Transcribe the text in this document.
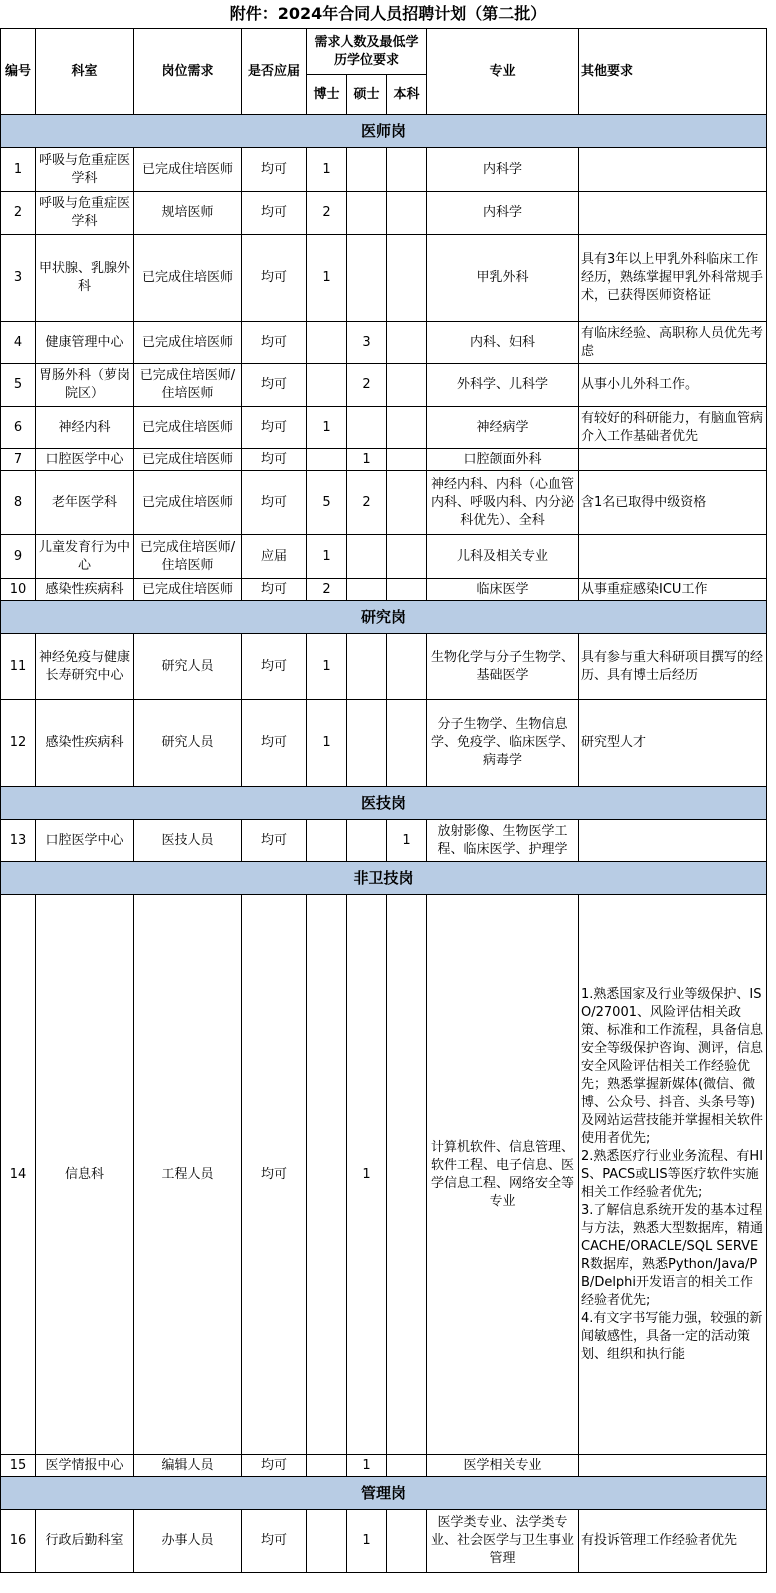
附件：2024年合同人员招聘计划（第二批）
编号	科室	岗位需求	是否应届	需求人数及最低学历学位要求			专业	其他要求
				博士	硕士	本科		
医师岗								
1	呼吸与危重症医学科	已完成住培医师	均可	1			内科学	
2	呼吸与危重症医学科	规培医师	均可	2			内科学	
3	甲状腺、乳腺外科	已完成住培医师	均可	1			甲乳外科	具有3年以上甲乳外科临床工作经历，熟练掌握甲乳外科常规手术，已获得医师资格证
4	健康管理中心	已完成住培医师	均可		3		内科、妇科	有临床经验、高职称人员优先考虑
5	胃肠外科（萝岗院区）	已完成住培医师/住培医师	均可		2		外科学、儿科学	从事小儿外科工作。
6	神经内科	已完成住培医师	均可	1			神经病学	有较好的科研能力，有脑血管病介入工作基础者优先
7	口腔医学中心	已完成住培医师	均可		1		口腔颌面外科	
8	老年医学科	已完成住培医师	均可	5	2		神经内科、内科（心血管内科、呼吸内科、内分泌科优先）、全科	含1名已取得中级资格
9	儿童发育行为中心	已完成住培医师/住培医师	应届	1			儿科及相关专业	
10	感染性疾病科	已完成住培医师	均可	2			临床医学	从事重症感染ICU工作
研究岗								
11	神经免疫与健康长寿研究中心	研究人员	均可	1			生物化学与分子生物学、基础医学	具有参与重大科研项目撰写的经历、具有博士后经历
12	感染性疾病科	研究人员	均可	1			分子生物学、生物信息学、免疫学、临床医学、病毒学	研究型人才
医技岗								
13	口腔医学中心	医技人员	均可			1	放射影像、生物医学工程、临床医学、护理学	
非卫技岗								
14	信息科	工程人员	均可		1		计算机软件、信息管理、软件工程、电子信息、医学信息工程、网络安全等专业	1.熟悉国家及行业等级保护、ISO/27001、风险评估相关政策、标准和工作流程，具备信息安全等级保护咨询、测评，信息安全风险评估相关工作经验优先；熟悉掌握新媒体(微信、微博、公众号、抖音、头条号等)及网站运营技能并掌握相关软件使用者优先;
2.熟悉医疗行业业务流程、有HIS、PACS或LIS等医疗软件实施相关工作经验者优先;
3.了解信息系统开发的基本过程与方法，熟悉大型数据库，精通CACHE/ORACLE/SQL SERVER数据库，熟悉Python/Java/PB/Delphi开发语言的相关工作经验者优先;
4.有文字书写能力强，较强的新闻敏感性，具备一定的活动策划、组织和执行能
15	医学情报中心	编辑人员	均可		1		医学相关专业	
管理岗								
16	行政后勤科室	办事人员	均可		1		医学类专业、法学类专业、社会医学与卫生事业管理	有投诉管理工作经验者优先
